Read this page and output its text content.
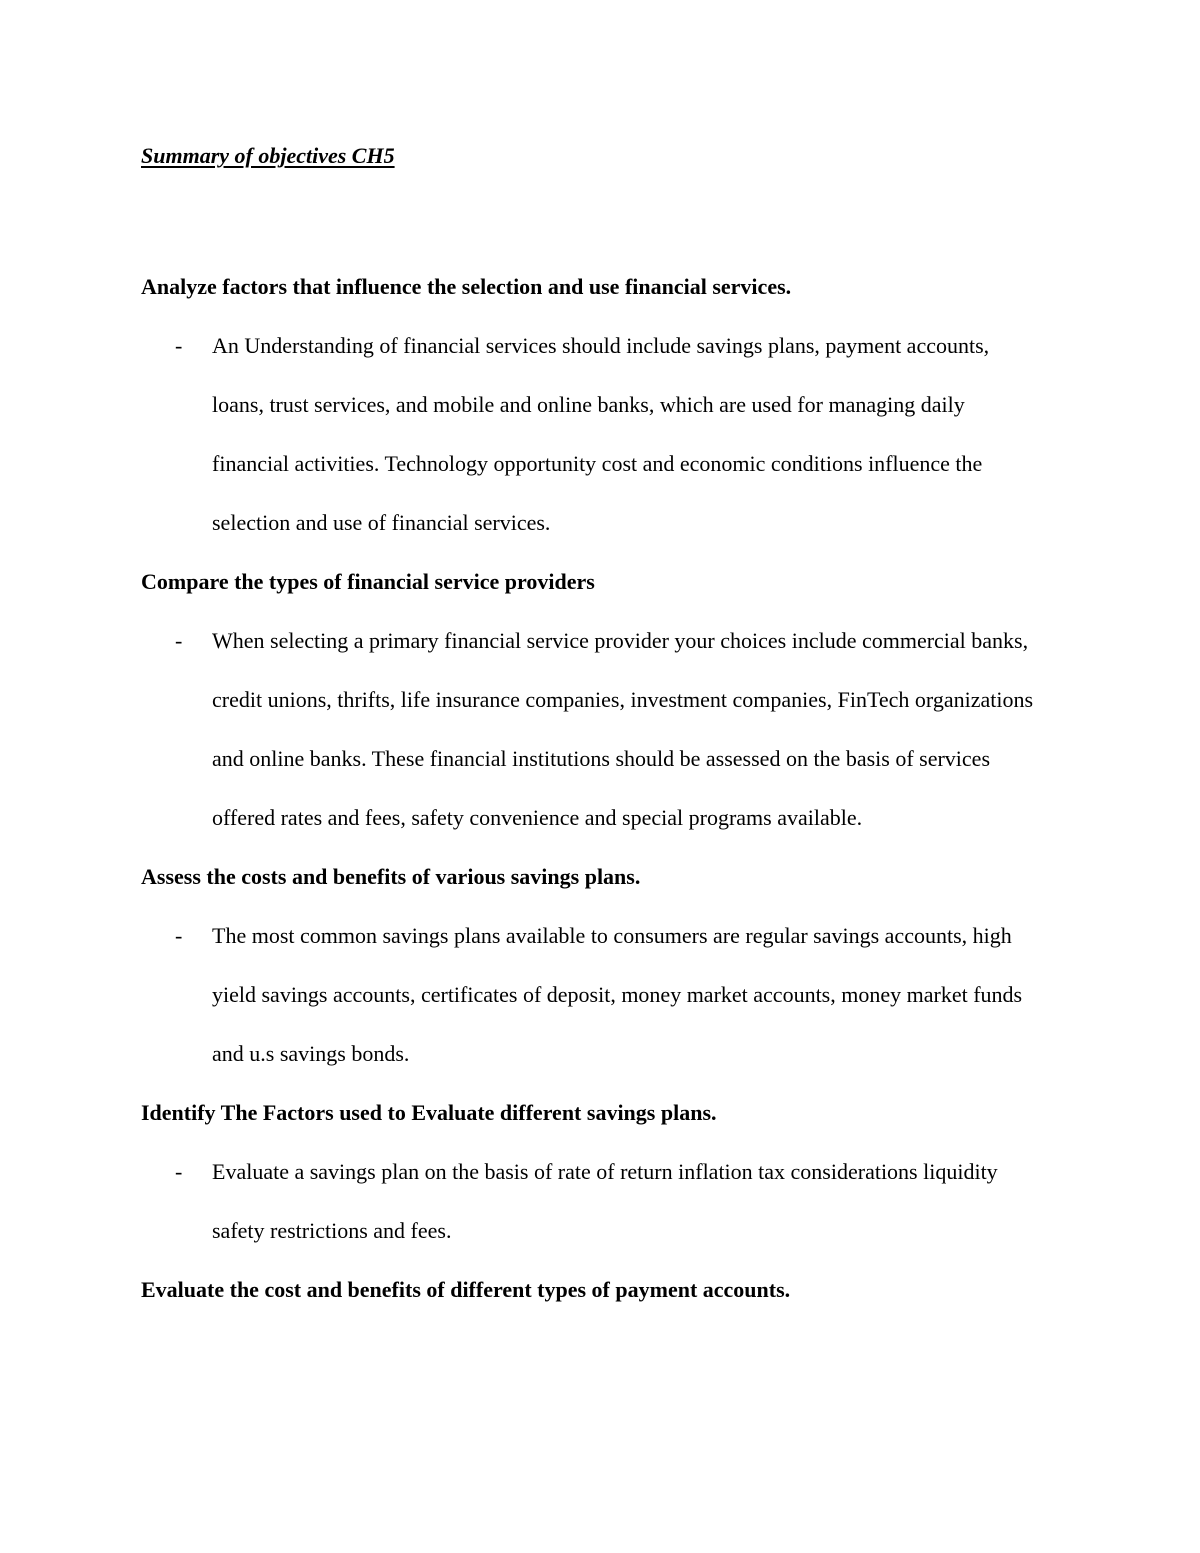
Summary of objectives CH5

Analyze factors that influence the selection and use financial services.

- An Understanding of financial services should include savings plans, payment accounts, loans, trust services, and mobile and online banks, which are used for managing daily financial activities. Technology opportunity cost and economic conditions influence the selection and use of financial services.

Compare the types of financial service providers

- When selecting a primary financial service provider your choices include commercial banks, credit unions, thrifts, life insurance companies, investment companies, FinTech organizations and online banks. These financial institutions should be assessed on the basis of services offered rates and fees, safety convenience and special programs available.

Assess the costs and benefits of various savings plans.

- The most common savings plans available to consumers are regular savings accounts, high yield savings accounts, certificates of deposit, money market accounts, money market funds and u.s savings bonds.

Identify The Factors used to Evaluate different savings plans.

- Evaluate a savings plan on the basis of rate of return inflation tax considerations liquidity safety restrictions and fees.

Evaluate the cost and benefits of different types of payment accounts.
